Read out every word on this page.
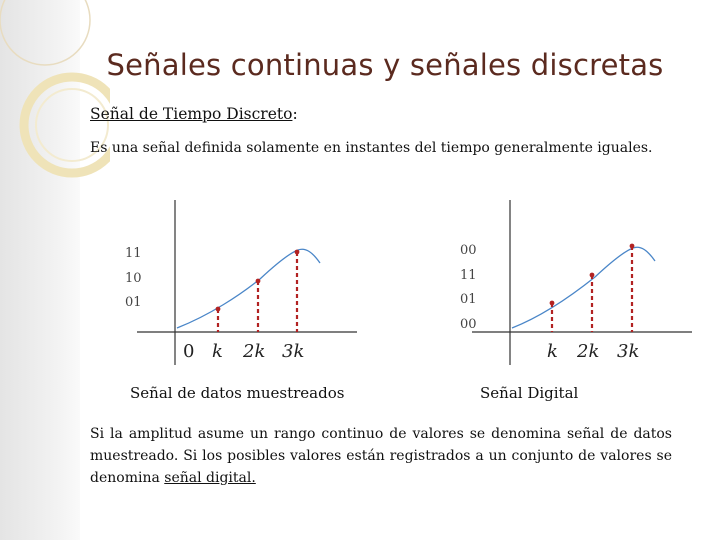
Señales continuas y señales discretas
Señal de Tiempo Discreto:
Es una señal definida solamente en instantes del tiempo generalmente iguales.
11
10
01
0 k 2k 3k
00
11
01
00
k 2k 3k
Señal de datos muestreados	Señal Digital
Si la amplitud asume un rango continuo de valores se denomina señal de datos muestreado. Si los posibles valores están registrados a un conjunto de valores se denomina señal digital.
